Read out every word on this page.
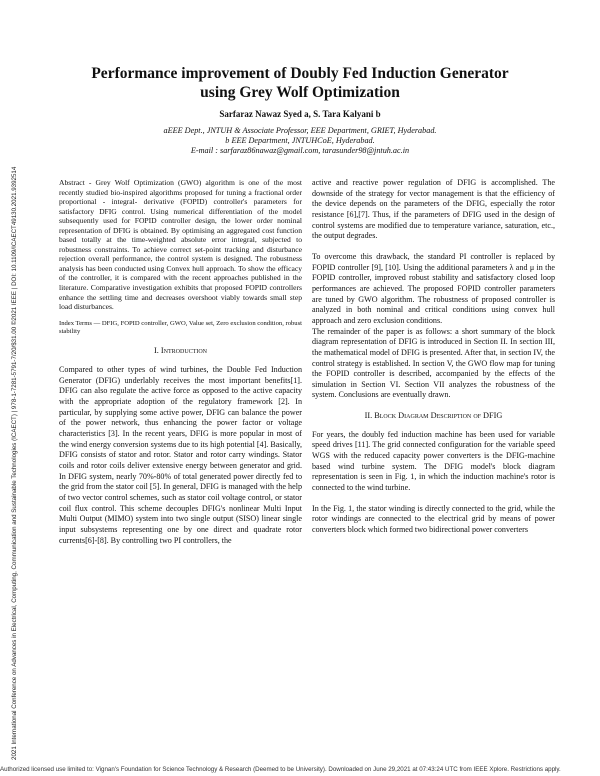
2021 International Conference on Advances in Electrical, Computing, Communication and Sustainable Technologies (ICAECT) | 978-1-7281-5791-7/20/$31.00 ©2021 IEEE | DOI: 10.1109/ICAECT49130.2021.9392514
Performance improvement of Doubly Fed Induction Generator
using Grey Wolf Optimization
Sarfaraz Nawaz Syed a, S. Tara Kalyani b
aEEE Dept., JNTUH & Associate Professor, EEE Department, GRIET, Hyderabad.
b EEE Department, JNTUHCoE, Hyderabad.
E-mail : sarfaraz86nawaz@gmail.com, tarasunder98@jntuh.ac.in

Abstract - Grey Wolf Optimization (GWO) algorithm is one of the most recently studied bio-inspired algorithms proposed for tuning a fractional order proportional - integral- derivative (FOPID) controller's parameters for satisfactory DFIG control. Using numerical differentiation of the model subsequently used for FOPID controller design, the lower order nominal representation of DFIG is obtained. By optimising an aggregated cost function based totally at the time-weighted absolute error integral, subjected to robustness constraints. To achieve correct set-point tracking and disturbance rejection overall performance, the control system is designed. The robustness analysis has been conducted using Convex hull approach. To show the efficacy of the controller, it is compared with the recent approaches published in the literature. Comparative investigation exhibits that proposed FOPID controllers enhance the settling time and decreases overshoot viably towards small step load disturbances.

Index Terms — DFIG, FOPID controller, GWO, Value set, Zero exclusion condition, robust stability

I. Introduction

Compared to other types of wind turbines, the Double Fed Induction Generator (DFIG) underlably receives the most important benefits[1]. DFIG can also regulate the active force as opposed to the active capacity with the appropriate adoption of the regulatory framework [2]. In particular, by supplying some active power, DFIG can balance the power of the power network, thus enhancing the power factor or voltage characteristics [3]. In the recent years, DFIG is more popular in most of the wind energy conversion systems due to its high potential [4]. Basically, DFIG consists of stator and rotor. Stator and rotor carry windings. Stator coils and rotor coils deliver extensive energy between generator and grid. In DFIG system, nearly 70%-80% of total generated power directly fed to the grid from the stator coil [5]. In general, DFIG is managed with the help of two vector control schemes, such as stator coil voltage control, or stator coil flux control. This scheme decouples DFIG's nonlinear Multi Input Multi Output (MIMO) system into two single output (SISO) linear single input subsystems representing one by one direct and quadrate rotor currents[6]-[8]. By controlling two PI controllers, the

active and reactive power regulation of DFIG is accomplished. The downside of the strategy for vector management is that the efficiency of the device depends on the parameters of the DFIG, especially the rotor resistance [6],[7]. Thus, if the parameters of DFIG used in the design of control systems are modified due to temperature variance, saturation, etc., the output degrades.

To overcome this drawback, the standard PI controller is replaced by FOPID controller [9], [10]. Using the additional parameters λ and μ in the FOPID controller, improved robust stability and satisfactory closed loop performances are achieved. The proposed FOPID controller parameters are tuned by GWO algorithm. The robustness of proposed controller is analyzed in both nominal and critical conditions using convex hull approach and zero exclusion conditions.

The remainder of the paper is as follows: a short summary of the block diagram representation of DFIG is introduced in Section II. In section III, the mathematical model of DFIG is presented. After that, in section IV, the control strategy is established. In section V, the GWO flow map for tuning the FOPID controller is described, accompanied by the effects of the simulation in Section VI. Section VII analyzes the robustness of the system. Conclusions are eventually drawn.

II. Block Diagram Description of DFIG

For years, the doubly fed induction machine has been used for variable speed drives [11]. The grid connected configuration for the variable speed WGS with the reduced capacity power converters is the DFIG-machine based wind turbine system. The DFIG model's block diagram representation is seen in Fig. 1, in which the induction machine's rotor is connected to the wind turbine.

In the Fig. 1, the stator winding is directly connected to the grid, while the rotor windings are connected to the electrical grid by means of power converters block which formed two bidirectional power converters

Authorized licensed use limited to: Vignan's Foundation for Science Technology & Research (Deemed to be University). Downloaded on June 29,2021 at 07:43:24 UTC from IEEE Xplore. Restrictions apply.
